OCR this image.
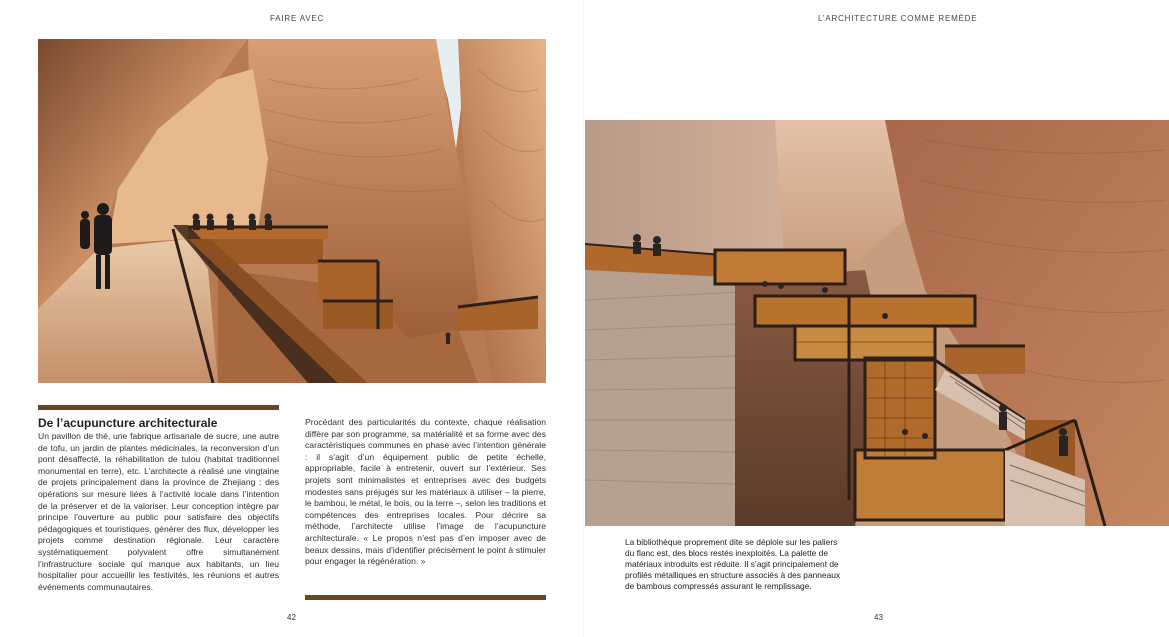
FAIRE AVEC
De l’acupuncture architecturale

Un pavillon de thé, une fabrique artisanale de sucre, une autre de tofu, un jardin de plantes médicinales, la reconversion d’un pont désaffecté, la réhabilitation de tulou (habitat traditionnel monumental en terre), etc. L’architecte a réalisé une vingtaine de projets principalement dans la province de Zhejiang : des opérations sur mesure liées à l’activité locale dans l’intention de la préserver et de la valoriser. Leur conception intègre par principe l’ouverture au public pour satisfaire des objectifs pédagogiques et touristiques, générer des flux, développer les projets comme destination régionale. Leur caractère systématiquement polyvalent offre simultanément l’infrastructure sociale qui manque aux habitants, un lieu hospitalier pour accueillir les festivités, les réunions et autres événements communautaires.

Procédant des particularités du contexte, chaque réalisation diffère par son programme, sa matérialité et sa forme avec des caractéristiques communes en phase avec l’intention générale : il s’agit d’un équipement public de petite échelle, appropriable, facile à entretenir, ouvert sur l’extérieur. Ses projets sont minimalistes et entreprises avec des budgets modestes sans préjugés sur les matériaux à utiliser – la pierre, le bambou, le métal, le bois, ou la terre –, selon les traditions et compétences des entreprises locales. Pour décrire sa méthode, l’architecte utilise l’image de l’acupuncture architecturale. « Le propos n’est pas d’en imposer avec de beaux dessins, mais d’identifier précisément le point à stimuler pour engager la régénération. »

42
L’ARCHITECTURE COMME REMÈDE

La bibliothèque proprement dite se déploie sur les paliers du flanc est, des blocs restés inexploités. La palette de matériaux introduits est réduite. Il s’agit principalement de profilés métalliques en structure associés à des panneaux de bambous compressés assurant le remplissage.

43
